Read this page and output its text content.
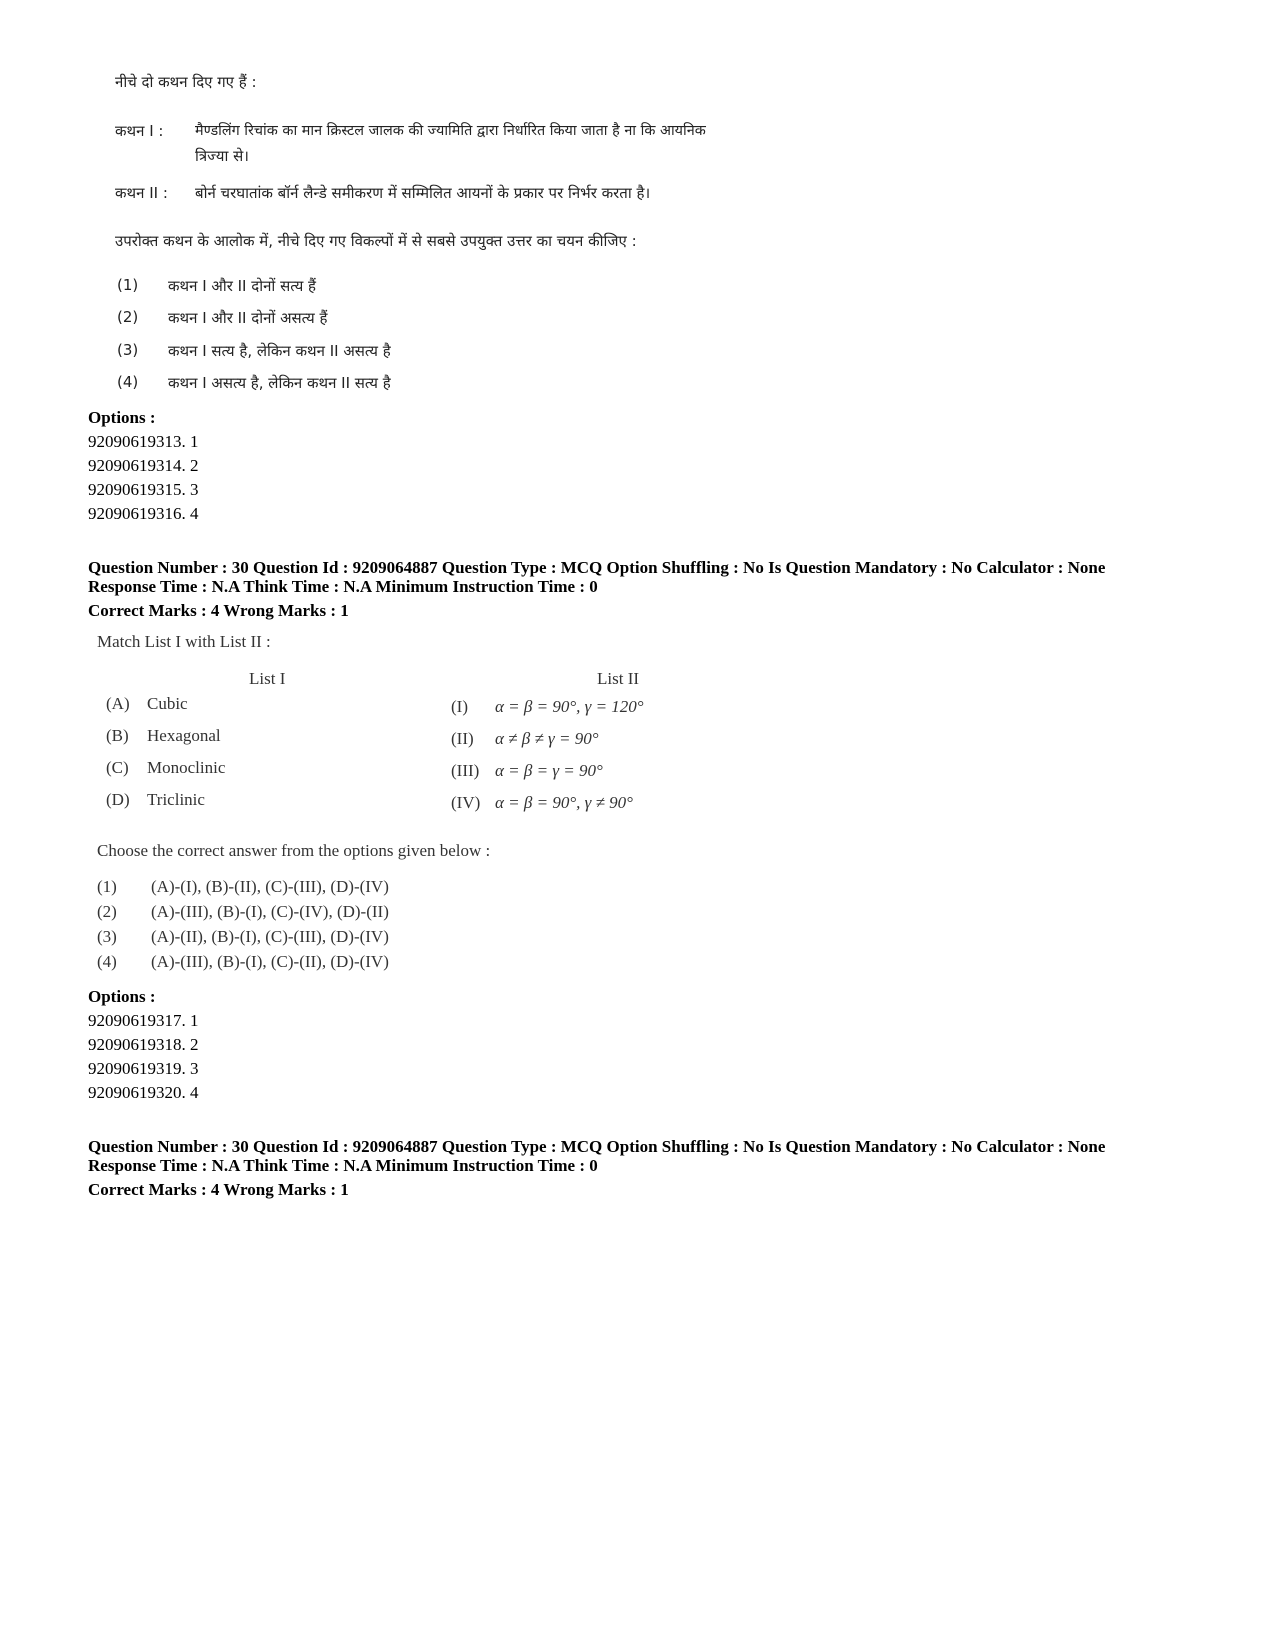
नीचे दो कथन दिए गए हैं :
कथन I : मैण्डलिंग रिचांक का मान क्रिस्टल जालक की ज्यामिति द्वारा निर्धारित किया जाता है ना कि आयनिक
त्रिज्या से।
कथन II : बोर्न चरघातांक बॉर्न लैन्डे समीकरण में सम्मिलित आयनों के प्रकार पर निर्भर करता है।
उपरोक्त कथन के आलोक में, नीचे दिए गए विकल्पों में से सबसे उपयुक्त उत्तर का चयन कीजिए :
(1) कथन I और II दोनों सत्य हैं
(2) कथन I और II दोनों असत्य हैं
(3) कथन I सत्य है, लेकिन कथन II असत्य है
(4) कथन I असत्य है, लेकिन कथन II सत्य है
Options :
92090619313. 1
92090619314. 2
92090619315. 3
92090619316. 4
Question Number : 30 Question Id : 9209064887 Question Type : MCQ Option Shuffling : No Is Question Mandatory : No Calculator : None
Response Time : N.A Think Time : N.A Minimum Instruction Time : 0
Correct Marks : 4 Wrong Marks : 1
Match List I with List II :
List I	List II
(A) Cubic
(B) Hexagonal
(C) Monoclinic
(D) Triclinic
(I) α = β = 90°, γ = 120°
(II) α ≠ β ≠ γ = 90°
(III) α = β = γ = 90°
(IV) α = β = 90°, γ ≠ 90°
Choose the correct answer from the options given below :
(1) (A)-(I), (B)-(II), (C)-(III), (D)-(IV)
(2) (A)-(III), (B)-(I), (C)-(IV), (D)-(II)
(3) (A)-(II), (B)-(I), (C)-(III), (D)-(IV)
(4) (A)-(III), (B)-(I), (C)-(II), (D)-(IV)
Options :
92090619317. 1
92090619318. 2
92090619319. 3
92090619320. 4
Question Number : 30 Question Id : 9209064887 Question Type : MCQ Option Shuffling : No Is Question Mandatory : No Calculator : None
Response Time : N.A Think Time : N.A Minimum Instruction Time : 0
Correct Marks : 4 Wrong Marks : 1
